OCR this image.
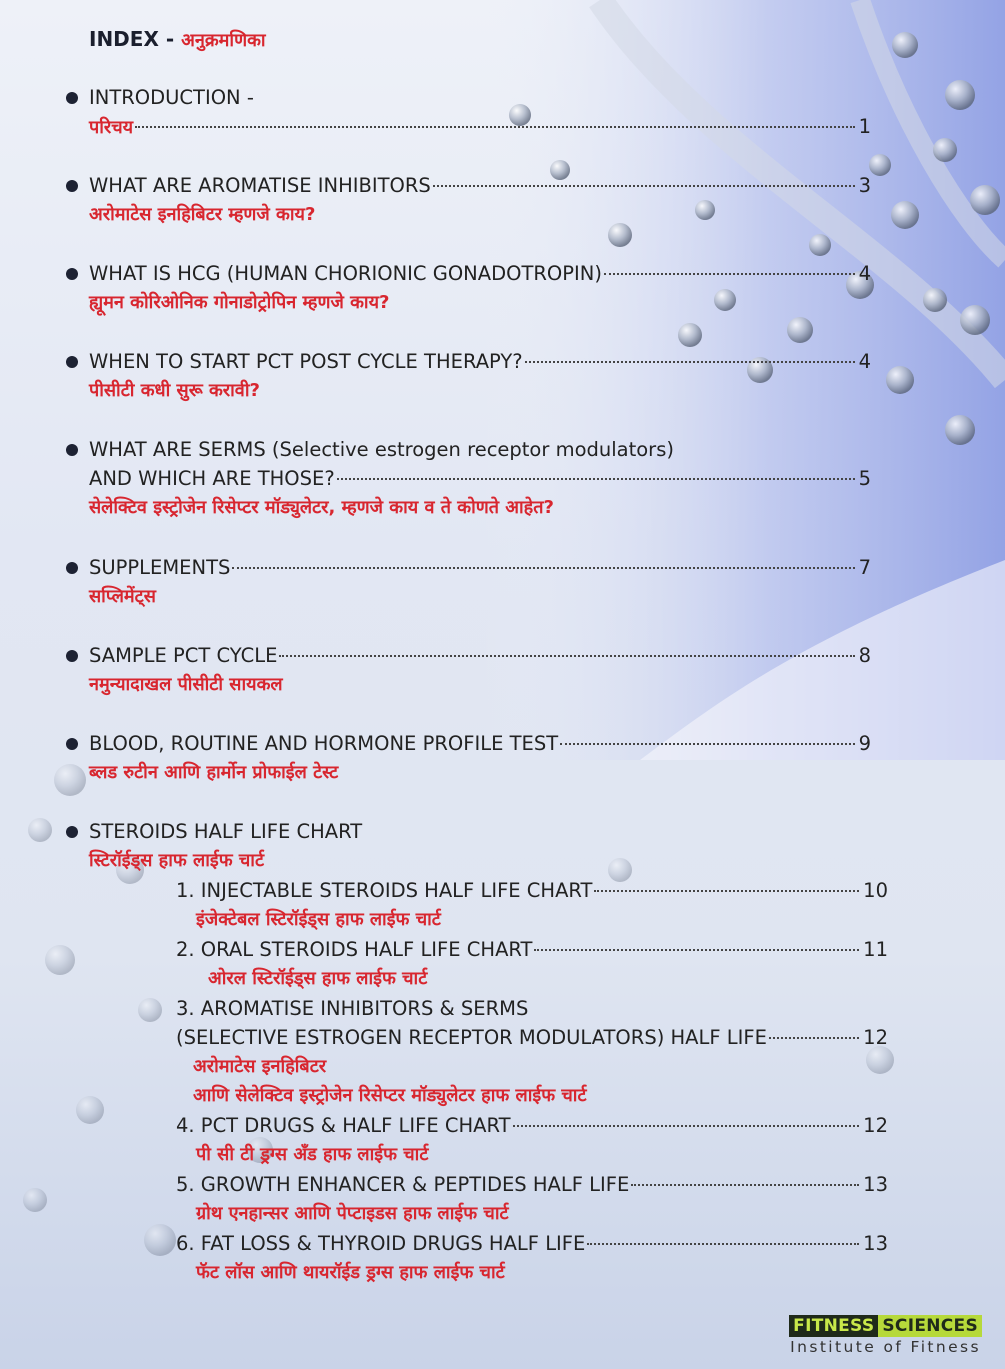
INDEX - अनुक्रमणिका
INTRODUCTION -
परिचय	1
WHAT ARE AROMATISE INHIBITORS	3
अरोमाटेस इनहिबिटर म्हणजे काय?
WHAT IS HCG (HUMAN CHORIONIC GONADOTROPIN)	4
ह्यूमन कोरिओनिक गोनाडोट्रोपिन म्हणजे काय?
WHEN TO START PCT POST CYCLE THERAPY?	4
पीसीटी कधी सुरू करावी?
WHAT ARE SERMS (Selective estrogen receptor modulators)
AND WHICH ARE THOSE?	5
सेलेक्टिव इस्ट्रोजेन रिसेप्टर मॉड्युलेटर, म्हणजे काय व ते कोणते आहेत?
SUPPLEMENTS	7
सप्लिमेंट्स
SAMPLE PCT CYCLE	8
नमुन्यादाखल पीसीटी सायकल
BLOOD, ROUTINE AND HORMONE PROFILE TEST	9
ब्लड रुटीन आणि हार्मोन प्रोफाईल टेस्ट
STEROIDS HALF LIFE CHART
स्टिरॉईड्स हाफ लाईफ चार्ट
1. INJECTABLE STEROIDS HALF LIFE CHART	10
इंजेक्टेबल स्टिरॉईड्स हाफ लाईफ चार्ट
2. ORAL STEROIDS HALF LIFE CHART	11
ओरल स्टिरॉईड्स हाफ लाईफ चार्ट
3. AROMATISE INHIBITORS & SERMS
(SELECTIVE ESTROGEN RECEPTOR MODULATORS) HALF LIFE	12
अरोमाटेस इनहिबिटर
आणि सेलेक्टिव इस्ट्रोजेन रिसेप्टर मॉड्युलेटर हाफ लाईफ चार्ट
4. PCT DRUGS & HALF LIFE CHART	12
पी सी टी ड्रग्स अँड हाफ लाईफ चार्ट
5. GROWTH ENHANCER & PEPTIDES HALF LIFE	13
ग्रोथ एनहान्सर आणि पेप्टाइडस हाफ लाईफ चार्ट
6. FAT LOSS & THYROID DRUGS HALF LIFE	13
फॅट लॉस आणि थायरॉईड ड्रग्स हाफ लाईफ चार्ट
FITNESS SCIENCES
Institute of Fitness
